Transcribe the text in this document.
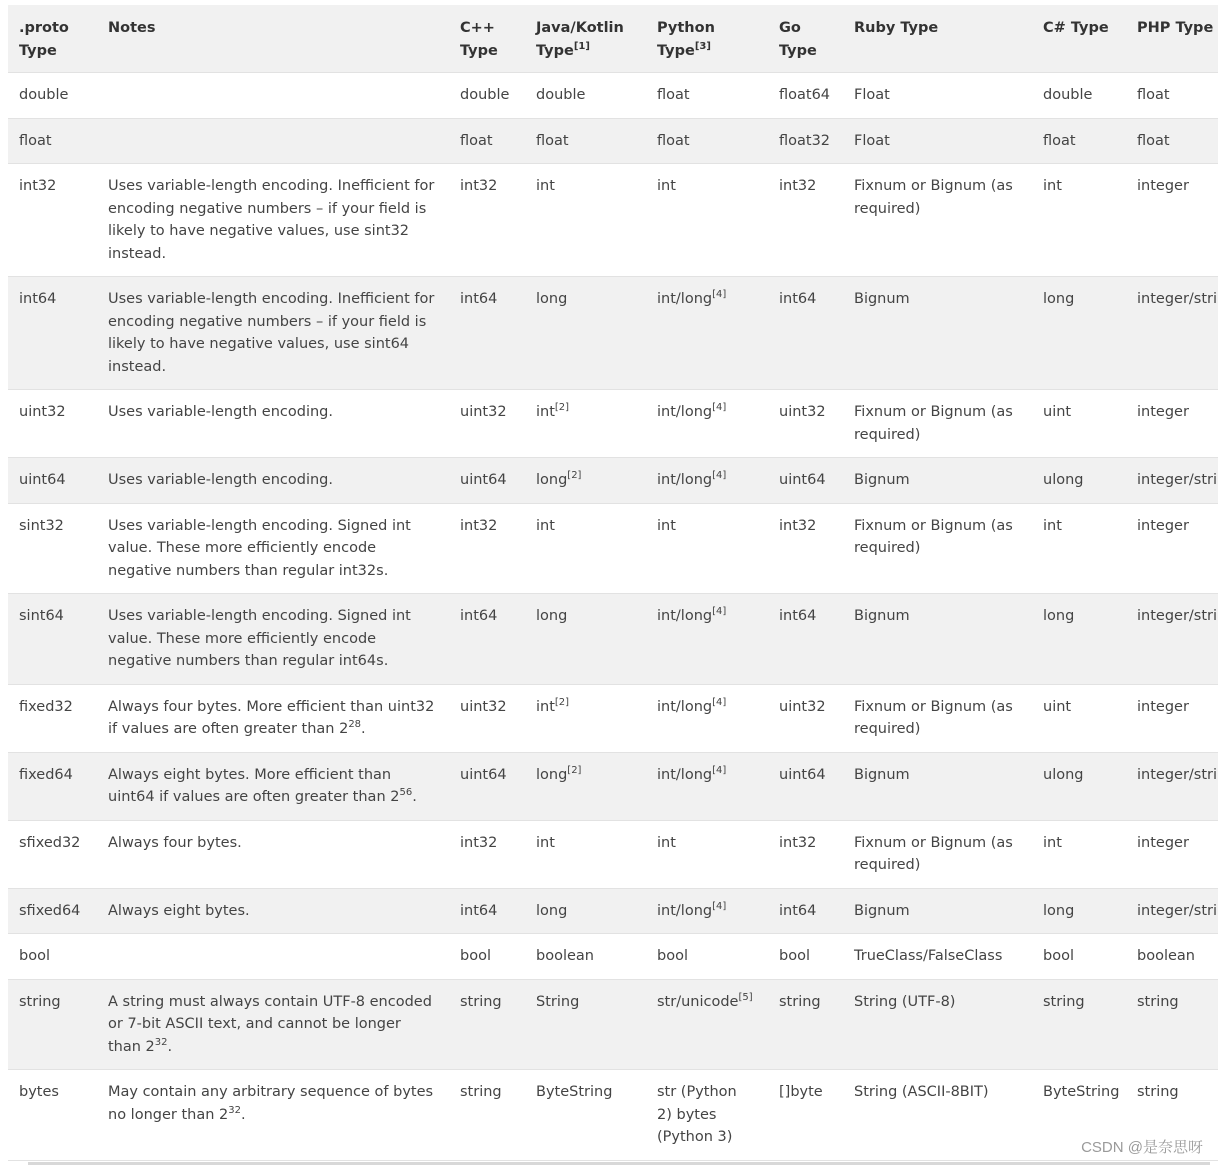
.proto Type	Notes	C++ Type	Java/Kotlin Type[1]	Python Type[3]	Go Type	Ruby Type	C# Type	PHP Type
double		double	double	float	float64	Float	double	float
float		float	float	float	float32	Float	float	float
int32	Uses variable-length encoding. Inefficient for encoding negative numbers – if your field is likely to have negative values, use sint32 instead.	int32	int	int	int32	Fixnum or Bignum (as required)	int	integer
int64	Uses variable-length encoding. Inefficient for encoding negative numbers – if your field is likely to have negative values, use sint64 instead.	int64	long	int/long[4]	int64	Bignum	long	integer/stri
uint32	Uses variable-length encoding.	uint32	int[2]	int/long[4]	uint32	Fixnum or Bignum (as required)	uint	integer
uint64	Uses variable-length encoding.	uint64	long[2]	int/long[4]	uint64	Bignum	ulong	integer/stri
sint32	Uses variable-length encoding. Signed int value. These more efficiently encode negative numbers than regular int32s.	int32	int	int	int32	Fixnum or Bignum (as required)	int	integer
sint64	Uses variable-length encoding. Signed int value. These more efficiently encode negative numbers than regular int64s.	int64	long	int/long[4]	int64	Bignum	long	integer/stri
fixed32	Always four bytes. More efficient than uint32 if values are often greater than $2^{28}$.	uint32	int[2]	int/long[4]	uint32	Fixnum or Bignum (as required)	uint	integer
fixed64	Always eight bytes. More efficient than uint64 if values are often greater than $2^{56}$.	uint64	long[2]	int/long[4]	uint64	Bignum	ulong	integer/stri
sfixed32	Always four bytes.	int32	int	int	int32	Fixnum or Bignum (as required)	int	integer
sfixed64	Always eight bytes.	int64	long	int/long[4]	int64	Bignum	long	integer/stri
bool		bool	boolean	bool	bool	TrueClass/FalseClass	bool	boolean
string	A string must always contain UTF-8 encoded or 7-bit ASCII text, and cannot be longer than $2^{32}$.	string	String	str/unicode[5]	string	String (UTF-8)	string	string
bytes	May contain any arbitrary sequence of bytes no longer than $2^{32}$.	string	ByteString	str (Python 2) bytes (Python 3)	[]byte	String (ASCII-8BIT)	ByteString	string
CSDN @是奈思呀
